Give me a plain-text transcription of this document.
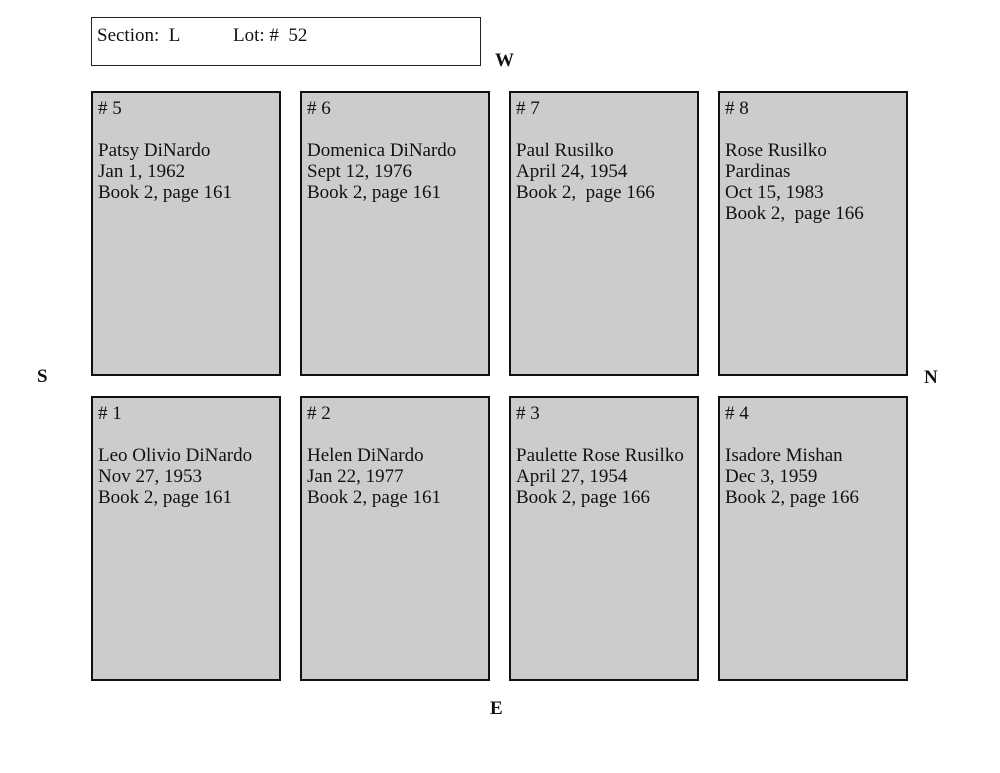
Section:  L	Lot: #  52
W
E
S	N
# 5
Patsy DiNardo
Jan 1, 1962
Book 2, page 161
# 6
Domenica DiNardo
Sept 12, 1976
Book 2, page 161
# 7
Paul Rusilko
April 24, 1954
Book 2,  page 166
# 8
Rose Rusilko
Pardinas
Oct 15, 1983
Book 2,  page 166
# 1
Leo Olivio DiNardo
Nov 27, 1953
Book 2, page 161
# 2
Helen DiNardo
Jan 22, 1977
Book 2, page 161
# 3
Paulette Rose Rusilko
April 27, 1954
Book 2, page 166
# 4
Isadore Mishan
Dec 3, 1959
Book 2, page 166
